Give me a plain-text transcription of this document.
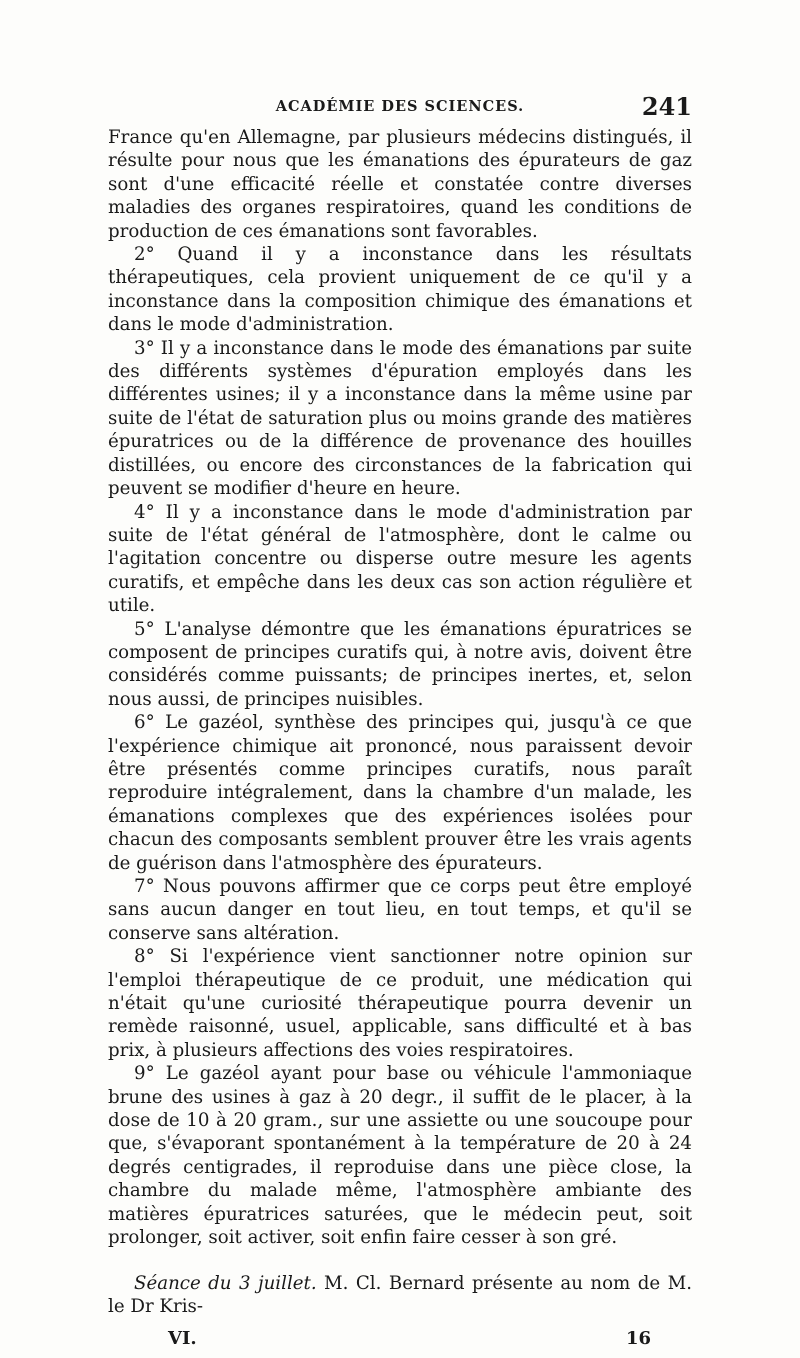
ACADÉMIE DES SCIENCES.	241

France qu'en Allemagne, par plusieurs médecins distingués, il résulte pour nous que les émanations des épurateurs de gaz sont d'une efficacité réelle et constatée contre diverses maladies des organes respiratoires, quand les conditions de production de ces émanations sont favorables.

2° Quand il y a inconstance dans les résultats thérapeutiques, cela provient uniquement de ce qu'il y a inconstance dans la composition chimique des émanations et dans le mode d'administration.

3° Il y a inconstance dans le mode des émanations par suite des différents systèmes d'épuration employés dans les différentes usines; il y a inconstance dans la même usine par suite de l'état de saturation plus ou moins grande des matières épuratrices ou de la différence de provenance des houilles distillées, ou encore des circonstances de la fabrication qui peuvent se modifier d'heure en heure.

4° Il y a inconstance dans le mode d'administration par suite de l'état général de l'atmosphère, dont le calme ou l'agitation concentre ou disperse outre mesure les agents curatifs, et empêche dans les deux cas son action régulière et utile.

5° L'analyse démontre que les émanations épuratrices se composent de principes curatifs qui, à notre avis, doivent être considérés comme puissants; de principes inertes, et, selon nous aussi, de principes nuisibles.

6° Le gazéol, synthèse des principes qui, jusqu'à ce que l'expérience chimique ait prononcé, nous paraissent devoir être présentés comme principes curatifs, nous paraît reproduire intégralement, dans la chambre d'un malade, les émanations complexes que des expériences isolées pour chacun des composants semblent prouver être les vrais agents de guérison dans l'atmosphère des épurateurs.

7° Nous pouvons affirmer que ce corps peut être employé sans aucun danger en tout lieu, en tout temps, et qu'il se conserve sans altération.

8° Si l'expérience vient sanctionner notre opinion sur l'emploi thérapeutique de ce produit, une médication qui n'était qu'une curiosité thérapeutique pourra devenir un remède raisonné, usuel, applicable, sans difficulté et à bas prix, à plusieurs affections des voies respiratoires.

9° Le gazéol ayant pour base ou véhicule l'ammoniaque brune des usines à gaz à 20 degr., il suffit de le placer, à la dose de 10 à 20 gram., sur une assiette ou une soucoupe pour que, s'évaporant spontanément à la température de 20 à 24 degrés centigrades, il reproduise dans une pièce close, la chambre du malade même, l'atmosphère ambiante des matières épuratrices saturées, que le médecin peut, soit prolonger, soit activer, soit enfin faire cesser à son gré.

Séance du 3 juillet. M. Cl. Bernard présente au nom de M. le Dr Kris-
VI.	16
